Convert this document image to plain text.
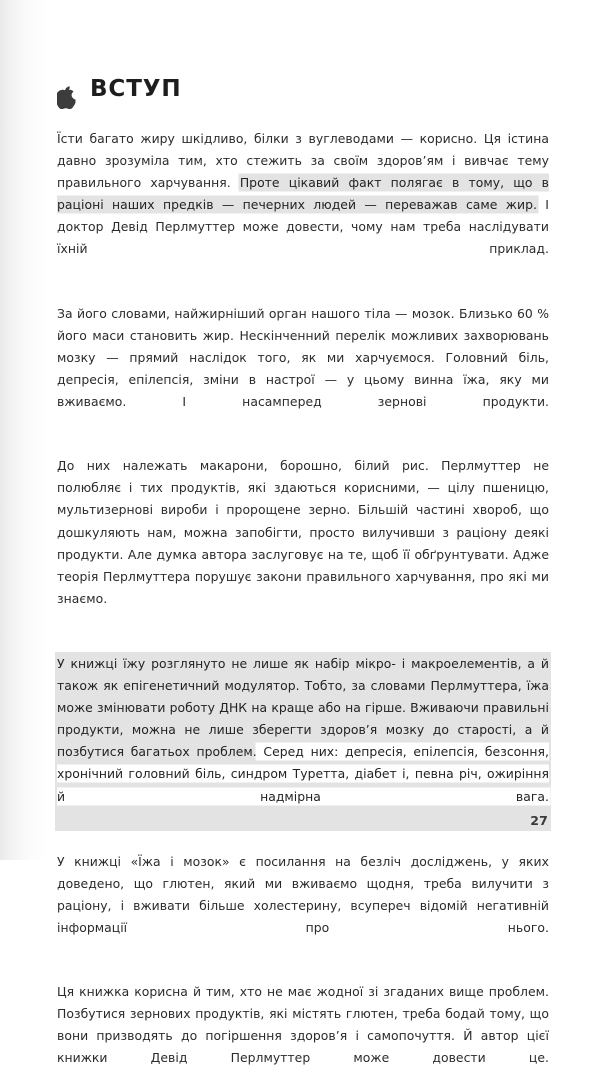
ВСТУП

Їсти багато жиру шкідливо, білки з вуглеводами — корисно. Ця істина давно зрозуміла тим, хто стежить за своїм здоров’ям і вивчає тему правильного харчування. Проте цікавий факт полягає в тому, що в раціоні наших предків — печерних людей — переважав саме жир. І доктор Девід Перлмуттер може довести, чому нам треба наслідувати їхній приклад.

За його словами, найжирніший орган нашого тіла — мозок. Близько 60 % його маси становить жир. Нескінченний перелік можливих захворювань мозку — прямий наслідок того, як ми харчуємося. Головний біль, депресія, епілепсія, зміни в настрої — у цьому винна їжа, яку ми вживаємо. І насамперед зернові продукти.

До них належать макарони, борошно, білий рис. Перлмуттер не полюбляє і тих продуктів, які здаються корисними, — цілу пшеницю, мультизернові вироби і пророщене зерно. Більшій частині хвороб, що дошкуляють нам, можна запобігти, просто вилучивши з раціону деякі продукти. Але думка автора заслуговує на те, щоб її обґрунтувати. Адже теорія Перлмуттера порушує закони правильного харчування, про які ми знаємо.

У книжці їжу розглянуто не лише як набір мікро- і макроелементів, а й також як епігенетичний модулятор. Тобто, за словами Перлмуттера, їжа може змінювати роботу ДНК на краще або на гірше. Вживаючи правильні продукти, можна не лише зберегти здоров’я мозку до старості, а й позбутися багатьох проблем. Серед них: депресія, епілепсія, безсоння, хронічний головний біль, синдром Туретта, діабет і, певна річ, ожиріння й надмірна вага.

У книжці «Їжа і мозок» є посилання на безліч досліджень, у яких доведено, що глютен, який ми вживаємо щодня, треба вилучити з раціону, і вживати більше холестерину, всупереч відомій негативній інформації про нього.

Ця книжка корисна й тим, хто не має жодної зі згаданих вище проблем. Позбутися зернових продуктів, які містять глютен, треба бодай тому, що вони призводять до погіршення здоров’я і самопочуття. Й автор цієї книжки Девід Перлмуттер може довести це.

27
